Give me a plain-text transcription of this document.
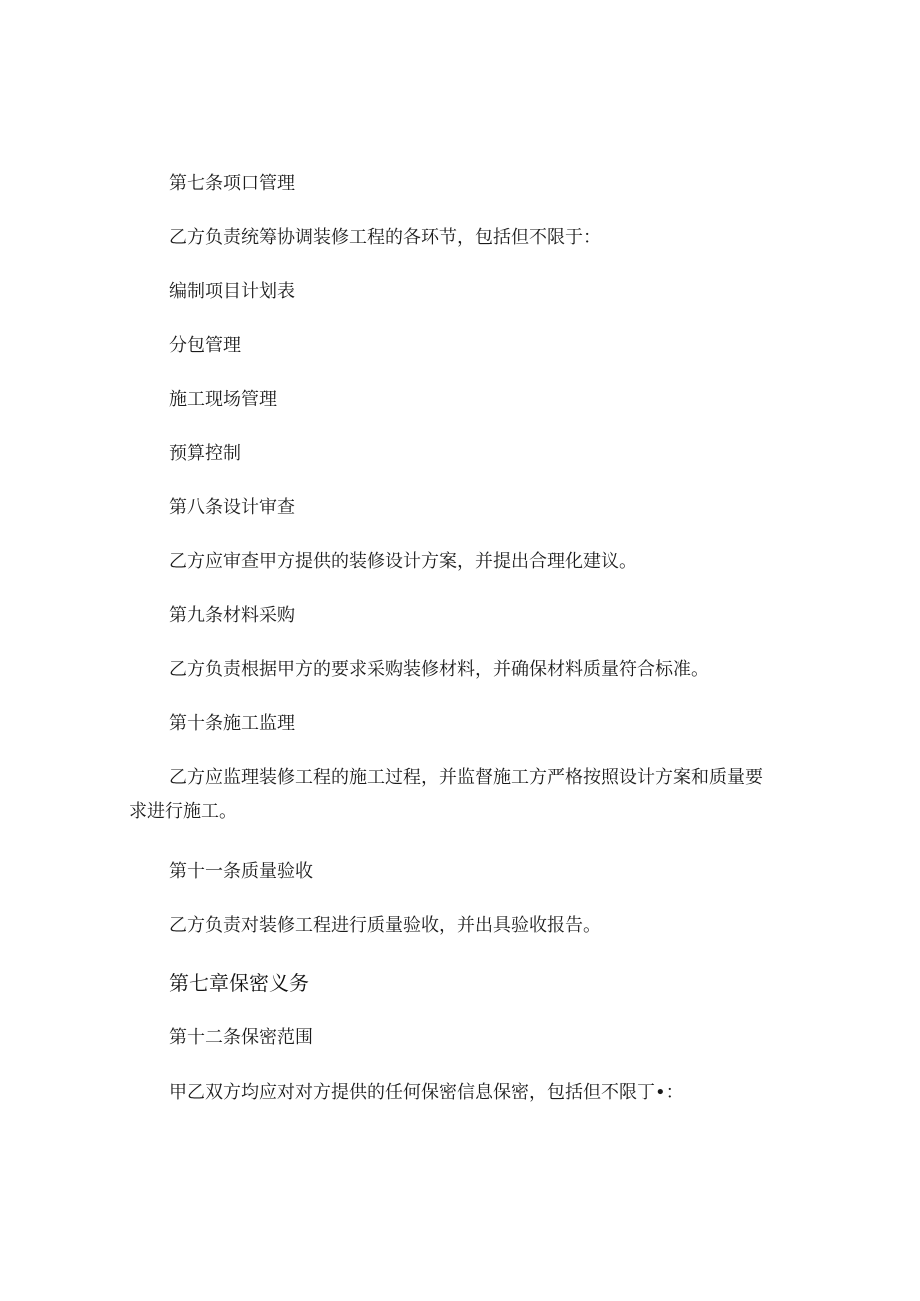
第七条项口管理

乙方负责统筹协调装修工程的各环节，包括但不限于：

编制项目计划表

分包管理

施工现场管理

预算控制

第八条设计审查

乙方应审查甲方提供的装修设计方案，并提出合理化建议。

第九条材料采购

乙方负责根据甲方的要求采购装修材料，并确保材料质量符合标准。

第十条施工监理

乙方应监理装修工程的施工过程，并监督施工方严格按照设计方案和质量要求进行施工。

第十一条质量验收

乙方负责对装修工程进行质量验收，并出具验收报告。

第七章保密义务

第十二条保密范围

甲乙双方均应对对方提供的任何保密信息保密，包括但不限丁•：
